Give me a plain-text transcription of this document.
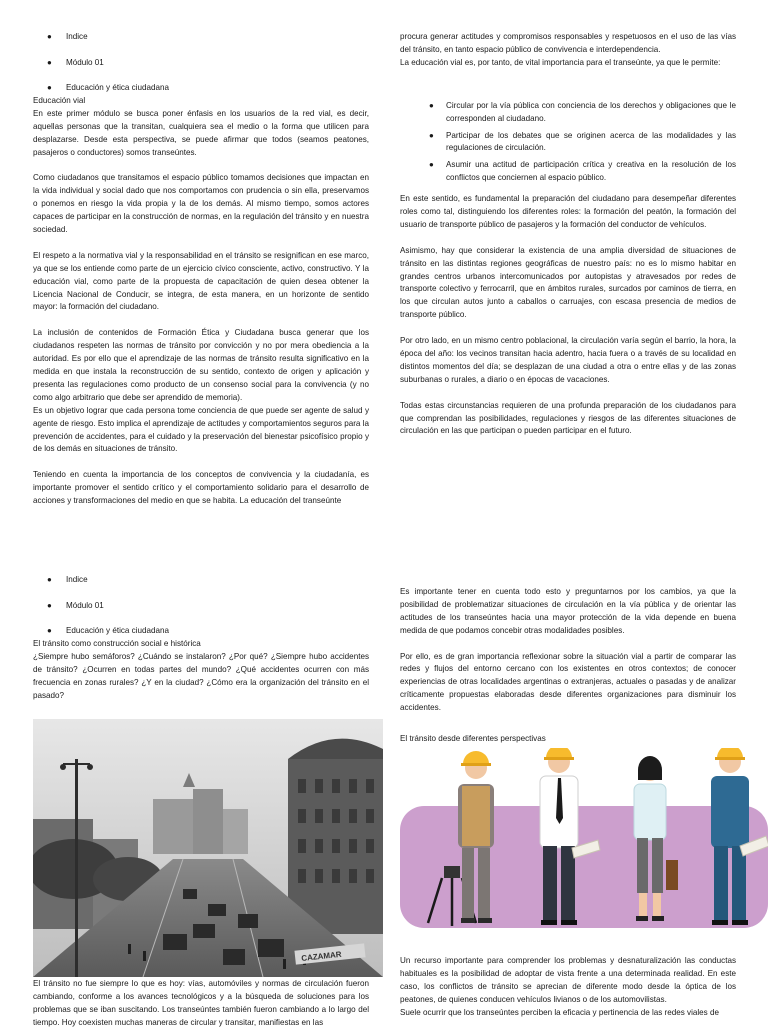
● Indice
● Módulo 01
● Educación y ética ciudadana

Educación vial

En este primer módulo se busca poner énfasis en los usuarios de la red vial, es decir, aquellas personas que la transitan, cualquiera sea el medio o la forma que utilicen para desplazarse. Desde esta perspectiva, se puede afirmar que todos (seamos peatones, pasajeros o conductores) somos transeúntes.

Como ciudadanos que transitamos el espacio público tomamos decisiones que impactan en la vida individual y social dado que nos comportamos con prudencia o sin ella, preservamos o ponemos en riesgo la vida propia y la de los demás. Al mismo tiempo, somos actores capaces de participar en la construcción de normas, en la regulación del tránsito y en nuestra sociedad.

El respeto a la normativa vial y la responsabilidad en el tránsito se resignifican en ese marco, ya que se los entiende como parte de un ejercicio cívico consciente, activo, constructivo. Y la educación vial, como parte de la propuesta de capacitación de quien desea obtener la Licencia Nacional de Conducir, se integra, de esta manera, en un horizonte de sentido mayor: la formación del ciudadano.

La inclusión de contenidos de Formación Ética y Ciudadana busca generar que los ciudadanos respeten las normas de tránsito por convicción y no por mera obediencia a la autoridad. Es por ello que el aprendizaje de las normas de tránsito resulta significativo en la medida en que instala la reconstrucción de su sentido, contexto de origen y aplicación y presenta las regulaciones como producto de un consenso social para la convivencia (y no como algo arbitrario que debe ser aprendido de memoria).

Es un objetivo lograr que cada persona tome conciencia de que puede ser agente de salud y agente de riesgo. Esto implica el aprendizaje de actitudes y comportamientos seguros para la prevención de accidentes, para el cuidado y la preservación del bienestar psicofísico propio y de los demás en situaciones de tránsito.

Teniendo en cuenta la importancia de los conceptos de convivencia y la ciudadanía, es importante promover el sentido crítico y el comportamiento solidario para el desarrollo de acciones y transformaciones del medio en que se habita. La educación del transeúnte

procura generar actitudes y compromisos responsables y respetuosos en el uso de las vías del tránsito, en tanto espacio público de convivencia e interdependencia.

La educación vial es, por tanto, de vital importancia para el transeúnte, ya que le permite:

● Circular por la vía pública con conciencia de los derechos y obligaciones que le corresponden al ciudadano.
● Participar de los debates que se originen acerca de las modalidades y las regulaciones de circulación.
● Asumir una actitud de participación crítica y creativa en la resolución de los conflictos que conciernen al espacio público.

En este sentido, es fundamental la preparación del ciudadano para desempeñar diferentes roles como tal, distinguiendo los diferentes roles: la formación del peatón, la formación del usuario de transporte público de pasajeros y la formación del conductor de vehículos.

Asimismo, hay que considerar la existencia de una amplia diversidad de situaciones de tránsito en las distintas regiones geográficas de nuestro país: no es lo mismo habitar en grandes centros urbanos intercomunicados por autopistas y atravesados por redes de transporte colectivo y ferrocarril, que en ámbitos rurales, surcados por caminos de tierra, en los que circulan autos junto a caballos o carruajes, con escasa presencia de medios de transporte público.

Por otro lado, en un mismo centro poblacional, la circulación varía según el barrio, la hora, la época del año: los vecinos transitan hacia adentro, hacia fuera o a través de su localidad en distintos momentos del día; se desplazan de una ciudad a otra o entre ellas y de las zonas suburbanas o rurales, a diario o en épocas de vacaciones.

Todas estas circunstancias requieren de una profunda preparación de los ciudadanos para que comprendan las posibilidades, regulaciones y riesgos de las diferentes situaciones de circulación en las que participan o pueden participar en el futuro.

● Indice
● Módulo 01
● Educación y ética ciudadana

El tránsito como construcción social e histórica

¿Siempre hubo semáforos? ¿Cuándo se instalaron? ¿Por qué? ¿Siempre hubo accidentes de tránsito? ¿Ocurren en todas partes del mundo? ¿Qué accidentes ocurren con más frecuencia en zonas rurales? ¿Y en la ciudad? ¿Cómo era la organización del tránsito en el pasado?

Es importante tener en cuenta todo esto y preguntarnos por los cambios, ya que la posibilidad de problematizar situaciones de circulación en la vía pública y de orientar las actitudes de los transeúntes hacia una mayor protección de la vida depende en buena medida de que podamos concebir otras modalidades posibles.

Por ello, es de gran importancia reflexionar sobre la situación vial a partir de comparar las redes y flujos del entorno cercano con los existentes en otros contextos; de conocer experiencias de otras localidades argentinas o extranjeras, actuales o pasadas y de analizar críticamente propuestas elaboradas desde diferentes organizaciones para disminuir los accidentes.

El tránsito desde diferentes perspectivas

CAZAMAR

El tránsito no fue siempre lo que es hoy: vías, automóviles y normas de circulación fueron cambiando, conforme a los avances tecnológicos y a la búsqueda de soluciones para los problemas que se iban suscitando. Los transeúntes también fueron cambiando a lo largo del tiempo. Hoy coexisten muchas maneras de circular y transitar, manifiestas en las

Un recurso importante para comprender los problemas y desnaturalización las conductas habituales es la posibilidad de adoptar de vista frente a una determinada realidad. En este caso, los conflictos de tránsito se aprecian de diferente modo desde la óptica de los peatones, de quienes conducen vehículos livianos o de los automovilistas.

Suele ocurrir que los transeúntes perciben la eficacia y pertinencia de las redes viales de
